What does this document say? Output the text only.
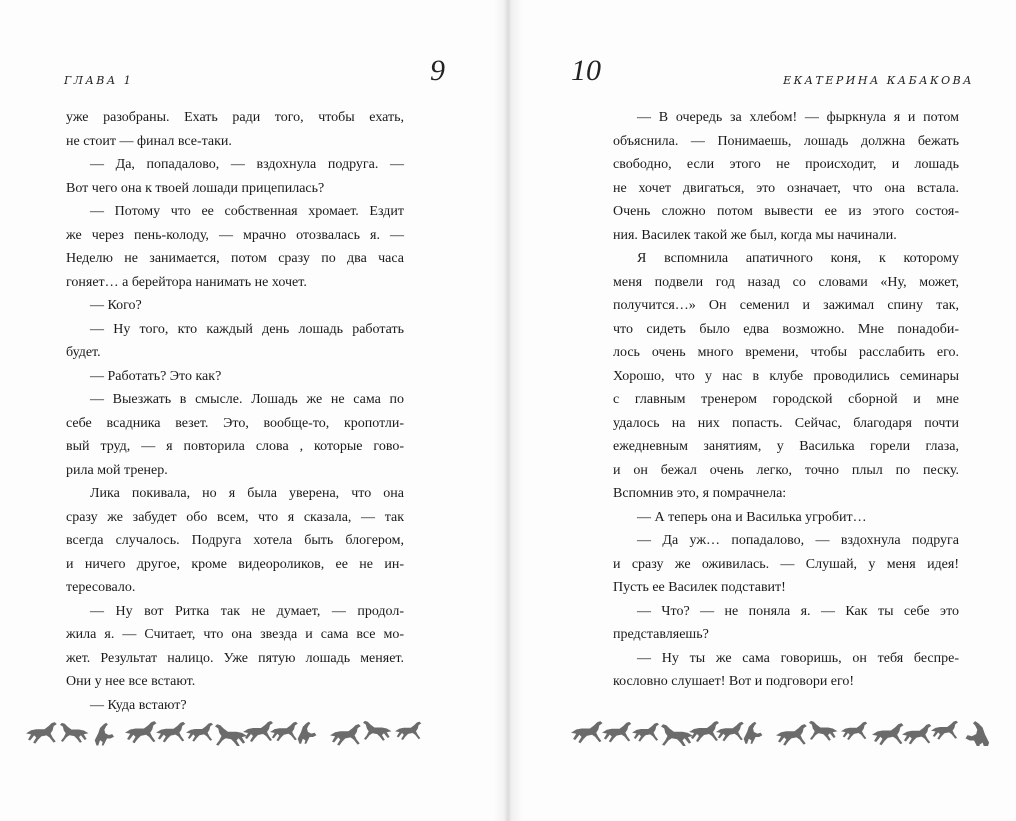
ГЛАВА 1	9
уже разобраны. Ехать ради того, чтобы ехать,
не стоит — финал все-таки.
— Да, попадалово, — вздохнула подруга. —
Вот чего она к твоей лошади прицепилась?
— Потому что ее собственная хромает. Ездит
же через пень-колоду, — мрачно отозвалась я. —
Неделю не занимается, потом сразу по два часа
гоняет… а берейтора нанимать не хочет.
— Кого?
— Ну того, кто каждый день лошадь работать
будет.
— Работать? Это как?
— Выезжать в смысле. Лошадь же не сама по
себе всадника везет. Это, вообще-то, кропотли-
вый труд, — я повторила слова , которые гово-
рила мой тренер.
Лика покивала, но я была уверена, что она
сразу же забудет обо всем, что я сказала, — так
всегда случалось. Подруга хотела быть блогером,
и ничего другое, кроме видеороликов, ее не ин-
тересовало.
— Ну вот Ритка так не думает, — продол-
жила я. — Считает, что она звезда и сама все мо-
жет. Результат налицо. Уже пятую лошадь меняет.
Они у нее все встают.
— Куда встают?
ЕКАТЕРИНА КАБАКОВА
10
— В очередь за хлебом! — фыркнула я и потом
объяснила. — Понимаешь, лошадь должна бежать
свободно, если этого не происходит, и лошадь
не хочет двигаться, это означает, что она встала.
Очень сложно потом вывести ее из этого состоя-
ния. Василек такой же был, когда мы начинали.
Я вспомнила апатичного коня, к которому
меня подвели год назад со словами «Ну, может,
получится…» Он семенил и зажимал спину так,
что сидеть было едва возможно. Мне понадоби-
лось очень много времени, чтобы расслабить его.
Хорошо, что у нас в клубе проводились семинары
с главным тренером городской сборной и мне
удалось на них попасть. Сейчас, благодаря почти
ежедневным занятиям, у Василька горели глаза,
и он бежал очень легко, точно плыл по песку.
Вспомнив это, я помрачнела:
— А теперь она и Василька угробит…
— Да уж… попадалово, — вздохнула подруга
и сразу же оживилась. — Слушай, у меня идея!
Пусть ее Василек подставит!
— Что? — не поняла я. — Как ты себе это
представляешь?
— Ну ты же сама говоришь, он тебя беспре-
кословно слушает! Вот и подговори его!
